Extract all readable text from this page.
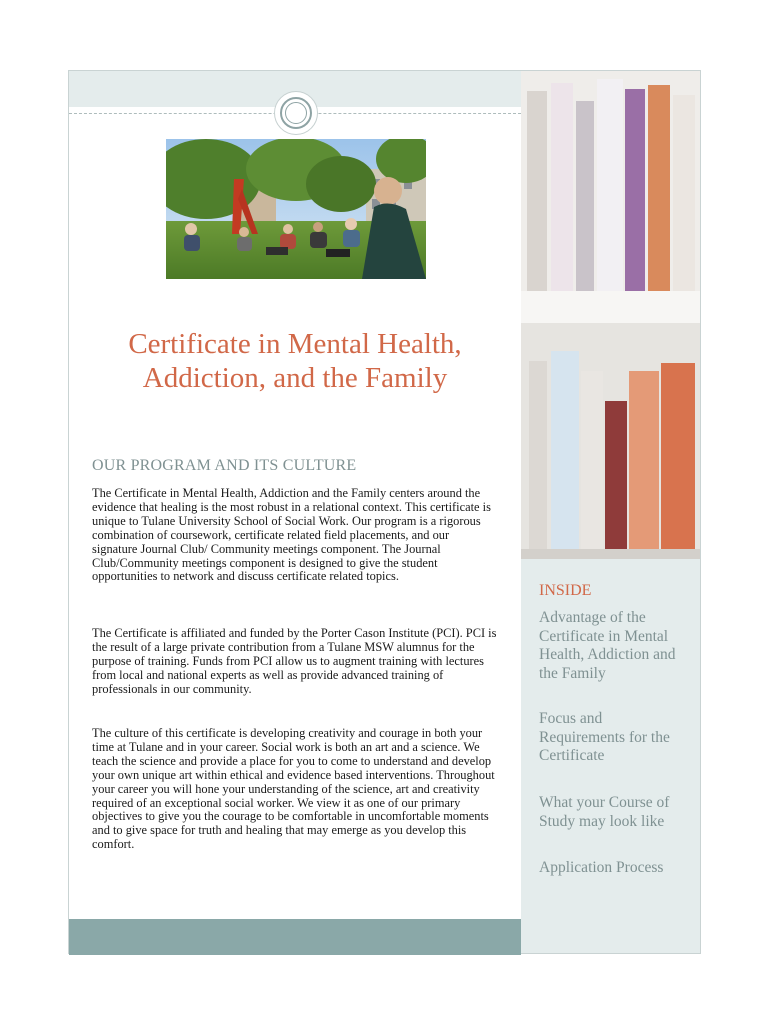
Certificate in Mental Health,
Addiction, and the Family
OUR PROGRAM AND ITS CULTURE

The Certificate in Mental Health, Addiction and the Family centers around the evidence that healing is the most robust in a relational context. This certificate is unique to Tulane University School of Social Work. Our program is a rigorous combination of coursework, certificate related field placements, and our signature Journal Club/ Community meetings component. The Journal Club/Community meetings component is designed to give the student opportunities to network and discuss certificate related topics.

The Certificate is affiliated and funded by the Porter Cason Institute (PCI). PCI is the result of a large private contribution from a Tulane MSW alumnus for the purpose of training. Funds from PCI allow us to augment training with lectures from local and national experts as well as provide advanced training of professionals in our community.

The culture of this certificate is developing creativity and courage in both your time at Tulane and in your career. Social work is both an art and a science. We teach the science and provide a place for you to come to understand and develop your own unique art within ethical and evidence based interventions. Throughout your career you will hone your understanding of the science, art and creativity required of an exceptional social worker. We view it as one of our primary objectives to give you the courage to be comfortable in uncomfortable moments and to give space for truth and healing that may emerge as you develop this comfort.

INSIDE

Advantage of the Certificate in Mental Health, Addiction and the Family

Focus and Requirements for the Certificate

What your Course of Study may look like

Application Process
